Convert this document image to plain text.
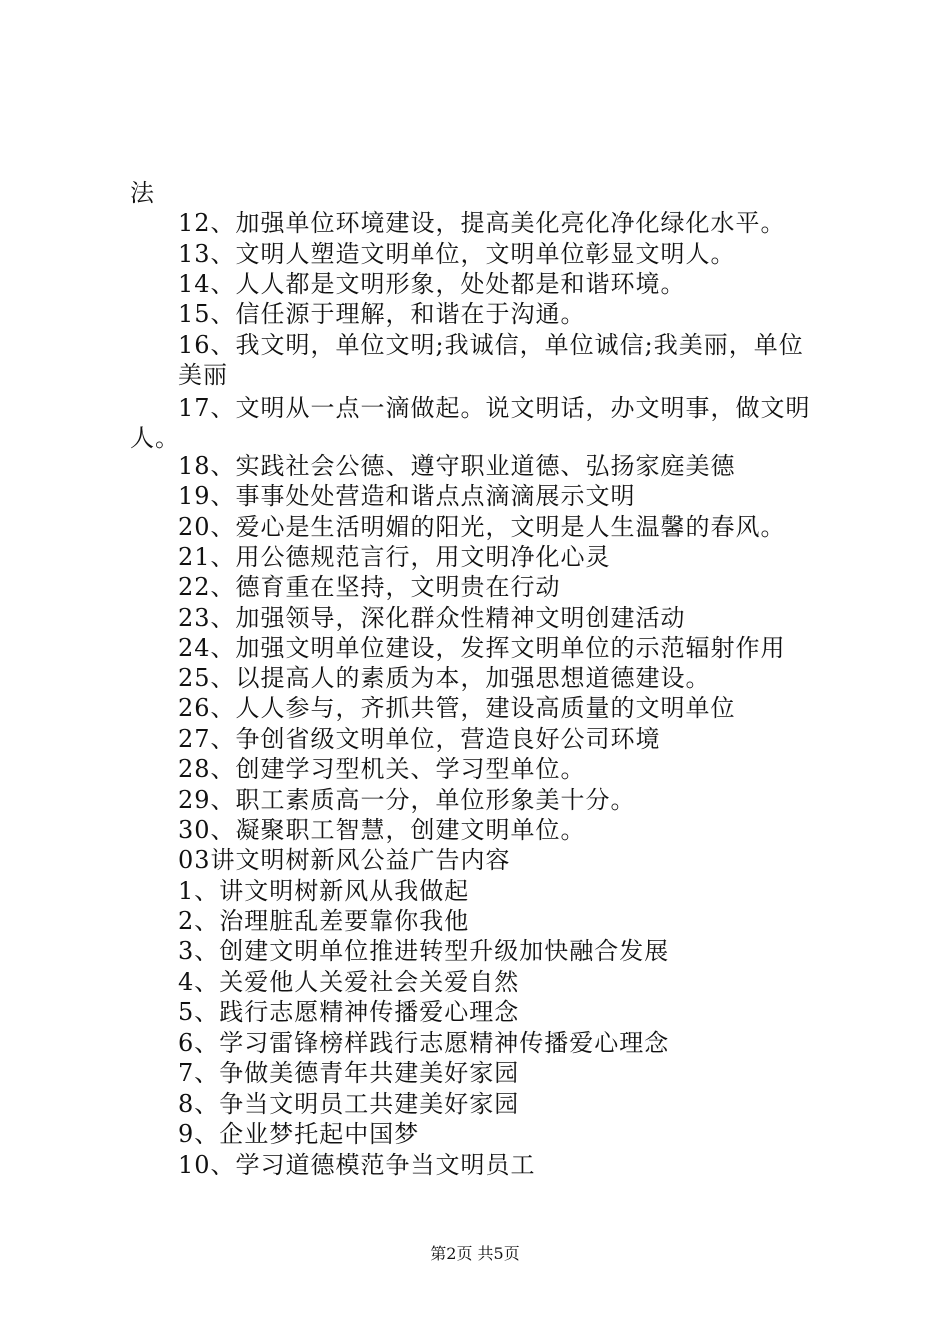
法
12、加强单位环境建设，提高美化亮化净化绿化水平。
13、文明人塑造文明单位，文明单位彰显文明人。
14、人人都是文明形象，处处都是和谐环境。
15、信任源于理解，和谐在于沟通。
16、我文明，单位文明;我诚信，单位诚信;我美丽，单位
美丽
17、文明从一点一滴做起。说文明话，办文明事，做文明
人。
18、实践社会公德、遵守职业道德、弘扬家庭美德
19、事事处处营造和谐点点滴滴展示文明
20、爱心是生活明媚的阳光，文明是人生温馨的春风。
21、用公德规范言行，用文明净化心灵
22、德育重在坚持，文明贵在行动
23、加强领导，深化群众性精神文明创建活动
24、加强文明单位建设，发挥文明单位的示范辐射作用
25、以提高人的素质为本，加强思想道德建设。
26、人人参与，齐抓共管，建设高质量的文明单位
27、争创省级文明单位，营造良好公司环境
28、创建学习型机关、学习型单位。
29、职工素质高一分，单位形象美十分。
30、凝聚职工智慧，创建文明单位。
03讲文明树新风公益广告内容
1、讲文明树新风从我做起
2、治理脏乱差要靠你我他
3、创建文明单位推进转型升级加快融合发展
4、关爱他人关爱社会关爱自然
5、践行志愿精神传播爱心理念
6、学习雷锋榜样践行志愿精神传播爱心理念
7、争做美德青年共建美好家园
8、争当文明员工共建美好家园
9、企业梦托起中国梦
10、学习道德模范争当文明员工
第2页 共5页
